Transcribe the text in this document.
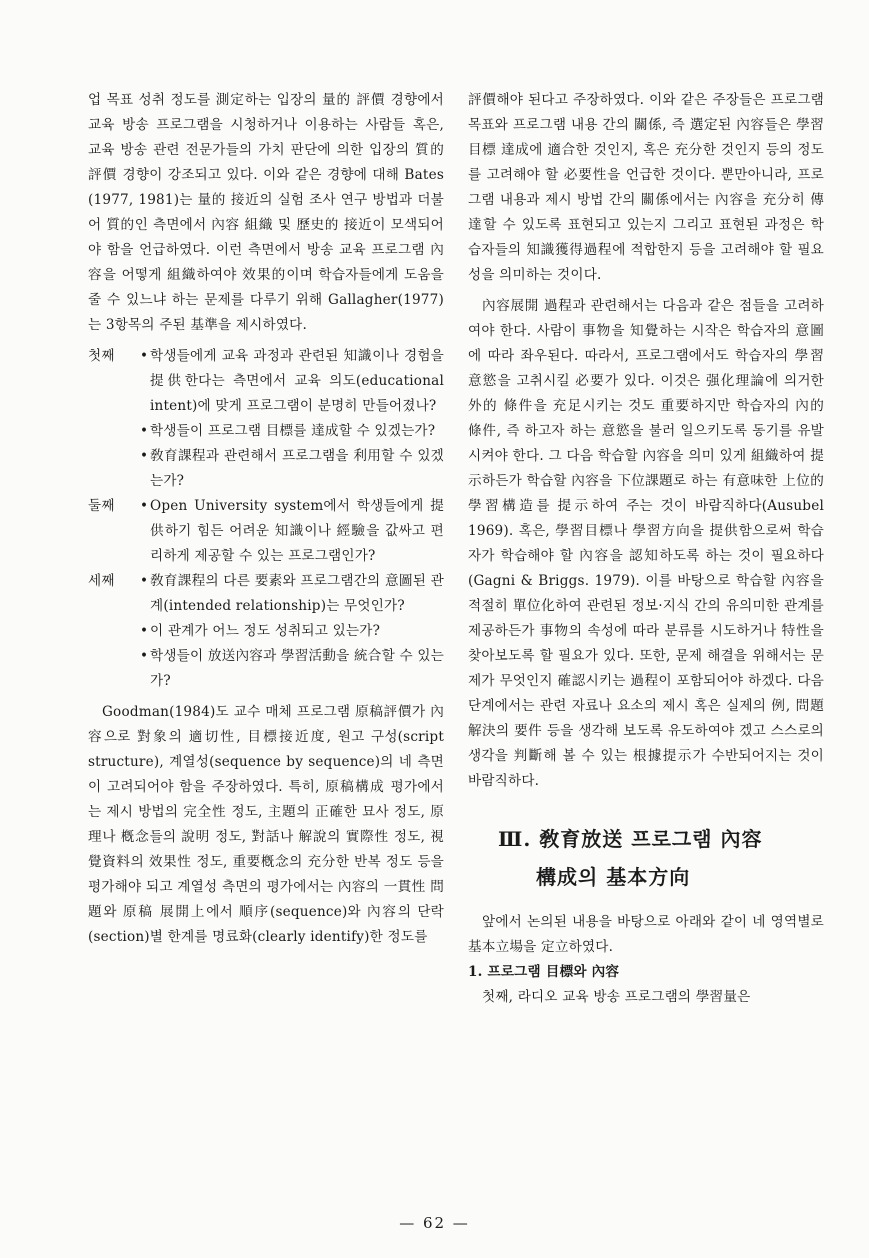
업 목표 성취 정도를 測定하는 입장의 量的 評價 경향에서 교육 방송 프로그램을 시청하거나 이용하는 사람들 혹은, 교육 방송 관련 전문가들의 가치 판단에 의한 입장의 質的 評價 경향이 강조되고 있다. 이와 같은 경향에 대해 Bates (1977, 1981)는 量的 接近의 실험 조사 연구 방법과 더불어 質的인 측면에서 內容 組織 및 歷史的 接近이 모색되어야 함을 언급하였다. 이런 측면에서 방송 교육 프로그램 內容을 어떻게 組織하여야 效果的이며 학습자들에게 도움을 줄 수 있느냐 하는 문제를 다루기 위해 Gallagher(1977)는 3항목의 주된 基準을 제시하였다.

첫째	• 학생들에게 교육 과정과 관련된 知識이나 경험을 提供한다는 측면에서 교육 의도(educational intent)에 맞게 프로그램이 분명히 만들어졌나?

• 학생들이 프로그램 目標를 達成할 수 있겠는가?

• 敎育課程과 관련해서 프로그램을 利用할 수 있겠는가?

둘째	• Open University system에서 학생들에게 提供하기 힘든 어려운 知識이나 經驗을 값싸고 편리하게 제공할 수 있는 프로그램인가?

세째	• 敎育課程의 다른 要素와 프로그램간의 意圖된 관계(intended relationship)는 무엇인가?

• 이 관계가 어느 정도 성취되고 있는가?

• 학생들이 放送內容과 學習活動을 統合할 수 있는가?

Goodman(1984)도 교수 매체 프로그램 原稿評價가 內容으로 對象의 適切性, 目標接近度, 원고 구성(script structure), 계열성(sequence by sequence)의 네 측면이 고려되어야 함을 주장하였다. 특히, 原稿構成 평가에서는 제시 방법의 完全性 정도, 主題의 正確한 묘사 정도, 原理나 槪念들의 說明 정도, 對話나 解說의 實際性 정도, 視覺資料의 效果性 정도, 重要槪念의 充分한 반복 정도 등을 평가해야 되고 계열성 측면의 평가에서는 內容의 一貫性 問題와 原稿 展開上에서 順序(sequence)와 內容의 단락(section)별 한계를 명료화(clearly identify)한 정도를

評價해야 된다고 주장하였다. 이와 같은 주장들은 프로그램 목표와 프로그램 내용 간의 關係, 즉 選定된 內容들은 學習目標 達成에 適合한 것인지, 혹은 充分한 것인지 등의 정도를 고려해야 할 必要性을 언급한 것이다. 뿐만아니라, 프로그램 내용과 제시 방법 간의 關係에서는 內容을 充分히 傳達할 수 있도록 표현되고 있는지 그리고 표현된 과정은 학습자들의 知識獲得過程에 적합한지 등을 고려해야 할 필요성을 의미하는 것이다.

內容展開 過程과 관련해서는 다음과 같은 점들을 고려하여야 한다. 사람이 事物을 知覺하는 시작은 학습자의 意圖에 따라 좌우된다. 따라서, 프로그램에서도 학습자의 學習意慾을 고취시킬 必要가 있다. 이것은 强化理論에 의거한 外的 條件을 充足시키는 것도 重要하지만 학습자의 內的 條件, 즉 하고자 하는 意慾을 불러 일으키도록 동기를 유발시켜야 한다. 그 다음 학습할 內容을 의미 있게 組織하여 提示하든가 학습할 內容을 下位課題로 하는 有意味한 上位的 學習構造를 提示하여 주는 것이 바람직하다(Ausubel 1969). 혹은, 學習目標나 學習方向을 提供함으로써 학습자가 학습해야 할 內容을 認知하도록 하는 것이 필요하다(Gagni & Briggs. 1979). 이를 바탕으로 학습할 內容을 적절히 單位化하여 관련된 정보·지식 간의 유의미한 관계를 제공하든가 事物의 속성에 따라 분류를 시도하거나 特性을 찾아보도록 할 필요가 있다. 또한, 문제 해결을 위해서는 문제가 무엇인지 確認시키는 過程이 포함되어야 하겠다. 다음 단계에서는 관련 자료나 요소의 제시 혹은 실제의 例, 問題解決의 要件 등을 생각해 보도록 유도하여야 겠고 스스로의 생각을 判斷해 볼 수 있는 根據提示가 수반되어지는 것이 바람직하다.

Ⅲ. 敎育放送 프로그램 內容
構成의 基本方向

앞에서 논의된 내용을 바탕으로 아래와 같이 네 영역별로 基本立場을 定立하였다.

1. 프로그램 目標와 內容

첫째, 라디오 교육 방송 프로그램의 學習量은

— 62 —
